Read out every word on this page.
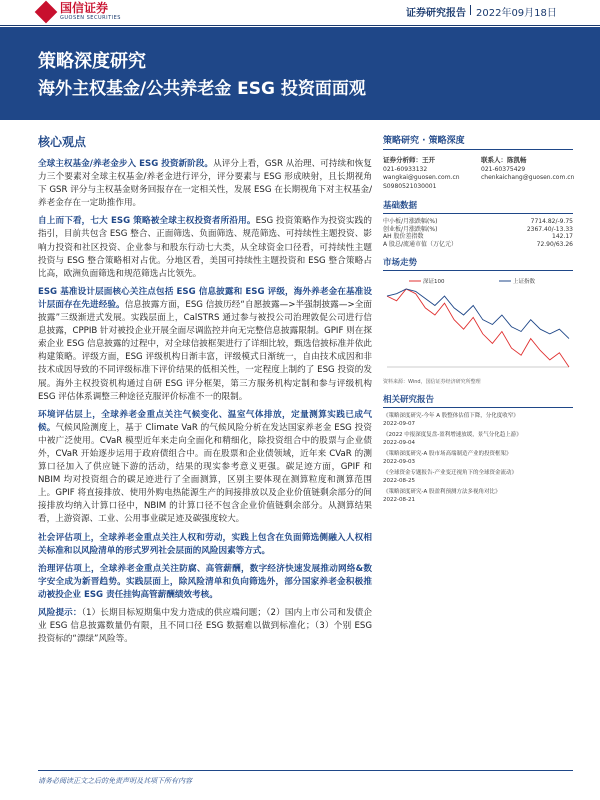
国信证券
GUOSEN SECURITIES	证券研究报告 2022年09月18日
策略深度研究
海外主权基金/公共养老金 ESG 投资面面观
核心观点
全球主权基金/养老金步入 ESG 投资新阶段。从评分上看，GSR 从治理、可持续和恢复力三个要素对全球主权基金/养老金进行评分，评分要素与 ESG 形成映射，且长期视角下 GSR 评分与主权基金财务回报存在一定相关性，发展 ESG 在长期视角下对主权基金/养老金存在一定助推作用。
自上而下看，七大 ESG 策略被全球主权投资者所沿用。ESG 投资策略作为投资实践的指引，目前共包含 ESG 整合、正面筛选、负面筛选、规范筛选、可持续性主题投资、影响力投资和社区投资、企业参与和股东行动七大类，从全球资金口径看，可持续性主题投资与 ESG 整合策略相对占优。分地区看，美国可持续性主题投资和 ESG 整合策略占比高，欧洲负面筛选和规范筛选占比领先。
ESG 基准设计层面核心关注点包括 ESG 信息披露和 ESG 评级，海外养老金在基准设计层面存在先进经验。信息披露方面，ESG 信披历经“自愿披露—>半强制披露—>全面披露”三级渐进式发展。实践层面上，CalSTRS 通过参与被投公司治理敦促公司进行信息披露，CPPIB 针对被投企业开展全面尽调监控并向无完整信息披露限制。GPIF 则在探索企业 ESG 信息披露的过程中，对全球信披框架进行了详细比较，甄选信披标准并依此构建策略。评级方面，ESG 评级机构日渐丰富，评级模式日渐统一，自由技术成因和非技术成因导致的不同评级标准下评价结果的低相关性，一定程度上制约了 ESG 投资的发展。海外主权投资机构通过自研 ESG 评分框架，第三方服务机构定制和参与评级机构 ESG 评估体系调整三种途径克服评价标准不一的限制。
环境评估层上，全球养老金重点关注气候变化、温室气体排放，定量测算实践已成气候。气候风险测度上，基于 Climate VaR 的气候风险分析在发达国家养老金 ESG 投资中被广泛使用。CVaR 模型近年来走向全面化和精细化，除投资组合中的股票与企业债外，CVaR 开始逐步运用于政府债组合中。而在股票和企业债领域，近年来 CVaR 的测算口径加入了供应链下游的活动，结果的现实参考意义更强。碳足迹方面，GPIF 和 NBIM 均对投资组合的碳足迹进行了全面测算，区别主要体现在测算粒度和测算范围上。GPIF 将直接排放、使用外购电热能源生产的间接排放以及企业价值链剩余部分的间接排放均纳入计算口径中，NBIM 的计算口径不包含企业价值链剩余部分。从测算结果看，上游资源、工业、公用事业碳足迹及碳强度较大。
社会评估项上，全球养老金重点关注人权和劳动，实践上包含在负面筛选侧融入人权相关标准和以风险清单的形式罗列社会层面的风险因素等方式。
治理评估项上，全球养老金重点关注防腐、高管薪酬，数字经济快速发展推动网络&数字安全成为新晋趋势。实践层面上，除风险清单和负向筛选外，部分国家养老金积极推动被投企业 ESG 责任挂钩高管薪酬绩效考核。
风险提示：（1）长期目标短期集中发力造成的供应端问题；（2）国内上市公司和发债企业 ESG 信息披露数量仍有限，且不同口径 ESG 数据难以做到标准化；（3）个别 ESG 投资标的“漂绿”风险等。
策略研究 · 策略深度
证券分析师：王开
021-60933132
wangkai@guosen.com.cn
S0980521030001
联系人：陈凯畅
021-60375429
chenkaichang@guosen.com.cn
基础数据
中小板/月涨跌幅(%)	7714.82/-9.75
创业板/月涨跌幅(%)	2367.40/-13.33
AH 股价差指数	142.17
A 股总/流通市值（万亿元）	72.90/63.26
市场走势
深证100	上证指数
资料来源：Wind，国信证券经济研究所整理
相关研究报告
《策略深度研究-今年 A 股整体估值下降，分化度收窄》
2022-09-07
《2022 中报深度复盘-盈利增速放缓，景气分化趋上游》
2022-09-04
《策略深度研究-A 股市场高端制造产业的投资框架》
2022-09-03
《全球资金专题报告-产业变迁视角下的全球资金流动》
2022-08-25
《策略深度研究-A 股盈利预测方法多视角对比》
2022-08-21
请务必阅读正文之后的免责声明及其项下所有内容
